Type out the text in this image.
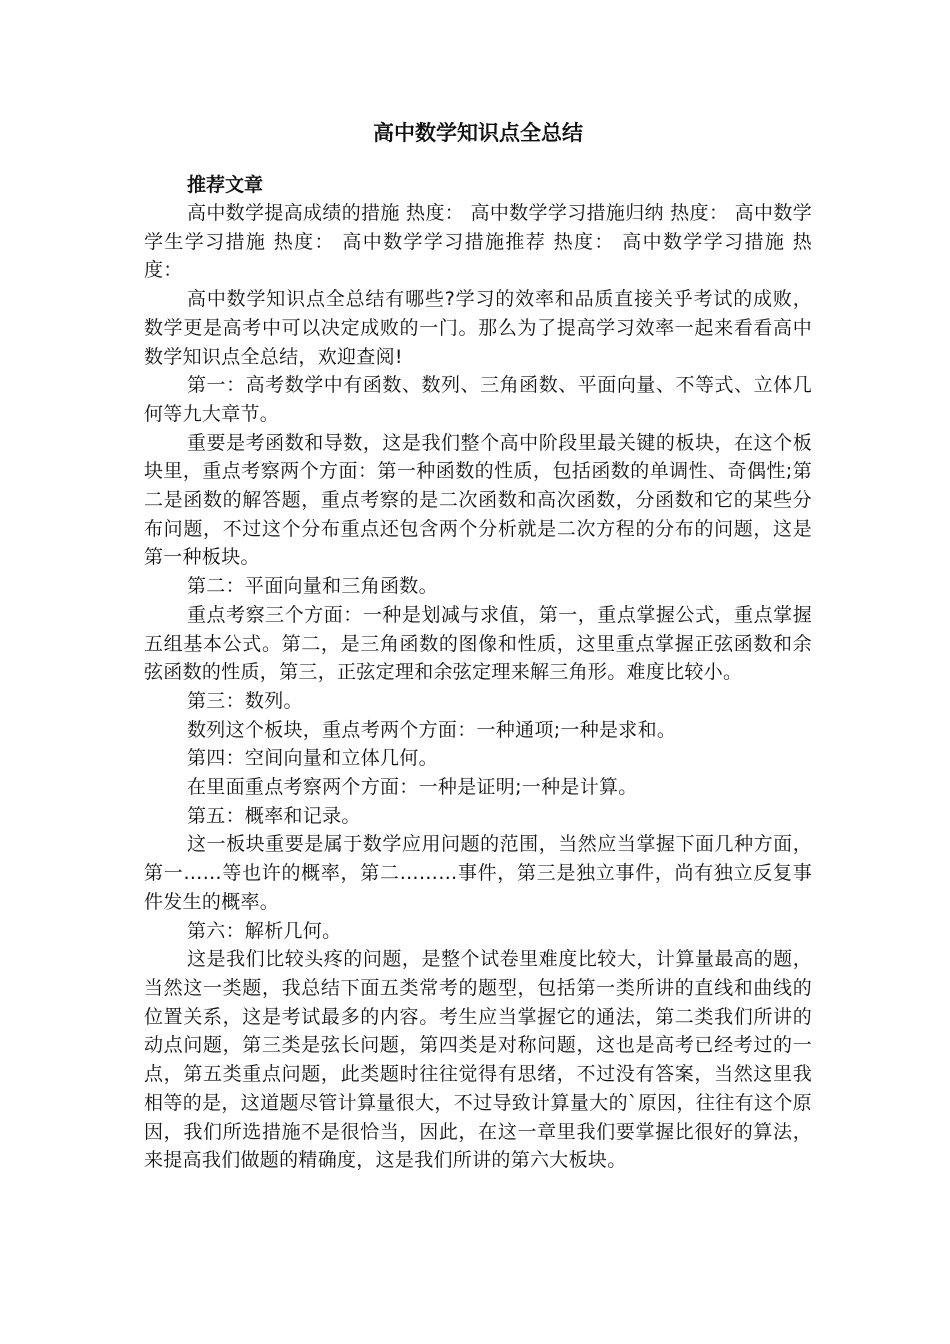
高中数学知识点全总结

推荐文章

高中数学提高成绩的措施 热度： 高中数学学习措施归纳 热度： 高中数学学生学习措施 热度： 高中数学学习措施推荐 热度： 高中数学学习措施 热度：

高中数学知识点全总结有哪些?学习的效率和品质直接关乎考试的成败，数学更是高考中可以决定成败的一门。那么为了提高学习效率一起来看看高中数学知识点全总结，欢迎查阅!

第一：高考数学中有函数、数列、三角函数、平面向量、不等式、立体几何等九大章节。

重要是考函数和导数，这是我们整个高中阶段里最关键的板块，在这个板块里，重点考察两个方面：第一种函数的性质，包括函数的单调性、奇偶性;第二是函数的解答题，重点考察的是二次函数和高次函数，分函数和它的某些分布问题，不过这个分布重点还包含两个分析就是二次方程的分布的问题，这是第一种板块。

第二：平面向量和三角函数。

重点考察三个方面：一种是划减与求值，第一，重点掌握公式，重点掌握五组基本公式。第二，是三角函数的图像和性质，这里重点掌握正弦函数和余弦函数的性质，第三，正弦定理和余弦定理来解三角形。难度比较小。

第三：数列。

数列这个板块，重点考两个方面：一种通项;一种是求和。

第四：空间向量和立体几何。

在里面重点考察两个方面：一种是证明;一种是计算。

第五：概率和记录。

这一板块重要是属于数学应用问题的范围，当然应当掌握下面几种方面，第一……等也许的概率，第二………事件，第三是独立事件，尚有独立反复事件发生的概率。

第六：解析几何。

这是我们比较头疼的问题，是整个试卷里难度比较大，计算量最高的题，当然这一类题，我总结下面五类常考的题型，包括第一类所讲的直线和曲线的位置关系，这是考试最多的内容。考生应当掌握它的通法，第二类我们所讲的动点问题，第三类是弦长问题，第四类是对称问题，这也是高考已经考过的一点，第五类重点问题，此类题时往往觉得有思绪，不过没有答案，当然这里我相等的是，这道题尽管计算量很大，不过导致计算量大的`原因，往往有这个原因，我们所选措施不是很恰当，因此，在这一章里我们要掌握比很好的算法，来提高我们做题的精确度，这是我们所讲的第六大板块。
